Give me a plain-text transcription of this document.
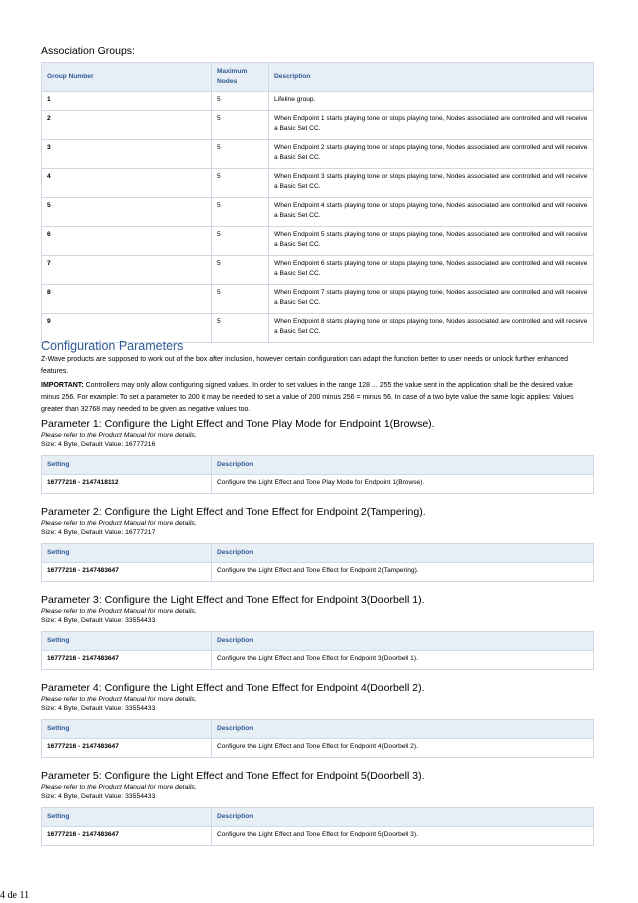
Association Groups:
Group Number	Maximum Nodes	Description
1	5	Lifeline group.
2	5	When Endpoint 1 starts playing tone or stops playing tone, Nodes associated are controlled and will receive a Basic Set CC.
3	5	When Endpoint 2 starts playing tone or stops playing tone, Nodes associated are controlled and will receive a Basic Set CC.
4	5	When Endpoint 3 starts playing tone or stops playing tone, Nodes associated are controlled and will receive a Basic Set CC.
5	5	When Endpoint 4 starts playing tone or stops playing tone, Nodes associated are controlled and will receive a Basic Set CC.
6	5	When Endpoint 5 starts playing tone or stops playing tone, Nodes associated are controlled and will receive a Basic Set CC.
7	5	When Endpoint 6 starts playing tone or stops playing tone, Nodes associated are controlled and will receive a Basic Set CC.
8	5	When Endpoint 7 starts playing tone or stops playing tone, Nodes associated are controlled and will receive a Basic Set CC.
9	5	When Endpoint 8 starts playing tone or stops playing tone, Nodes associated are controlled and will receive a Basic Set CC.
Configuration Parameters
Z-Wave products are supposed to work out of the box after inclusion, however certain configuration can adapt the function better to user needs or unlock further enhanced features.
IMPORTANT: Controllers may only allow configuring signed values. In order to set values in the range 128 ... 255 the value sent in the application shall be the desired value minus 256. For example: To set a parameter to 200 it may be needed to set a value of 200 minus 256 = minus 56. In case of a two byte value the same logic applies: Values greater than 32768 may needed to be given as negative values too.
Parameter 1: Configure the Light Effect and Tone Play Mode for Endpoint 1(Browse).
Please refer to the Product Manual for more details.
Size: 4 Byte, Default Value: 16777216
Setting	Description
16777216 - 2147418112	Configure the Light Effect and Tone Play Mode for Endpoint 1(Browse).
Parameter 2: Configure the Light Effect and Tone Effect for Endpoint 2(Tampering).
Please refer to the Product Manual for more details.
Size: 4 Byte, Default Value: 16777217
Setting	Description
16777216 - 2147483647	Configure the Light Effect and Tone Effect for Endpoint 2(Tampering).
Parameter 3: Configure the Light Effect and Tone Effect for Endpoint 3(Doorbell 1).
Please refer to the Product Manual for more details.
Size: 4 Byte, Default Value: 33554433
Setting	Description
16777216 - 2147483647	Configure the Light Effect and Tone Effect for Endpoint 3(Doorbell 1).
Parameter 4: Configure the Light Effect and Tone Effect for Endpoint 4(Doorbell 2).
Please refer to the Product Manual for more details.
Size: 4 Byte, Default Value: 33554433
Setting	Description
16777216 - 2147483647	Configure the Light Effect and Tone Effect for Endpoint 4(Doorbell 2).
Parameter 5: Configure the Light Effect and Tone Effect for Endpoint 5(Doorbell 3).
Please refer to the Product Manual for more details.
Size: 4 Byte, Default Value: 33554433
Setting	Description
16777216 - 2147483647	Configure the Light Effect and Tone Effect for Endpoint 5(Doorbell 3).
4 de 11
